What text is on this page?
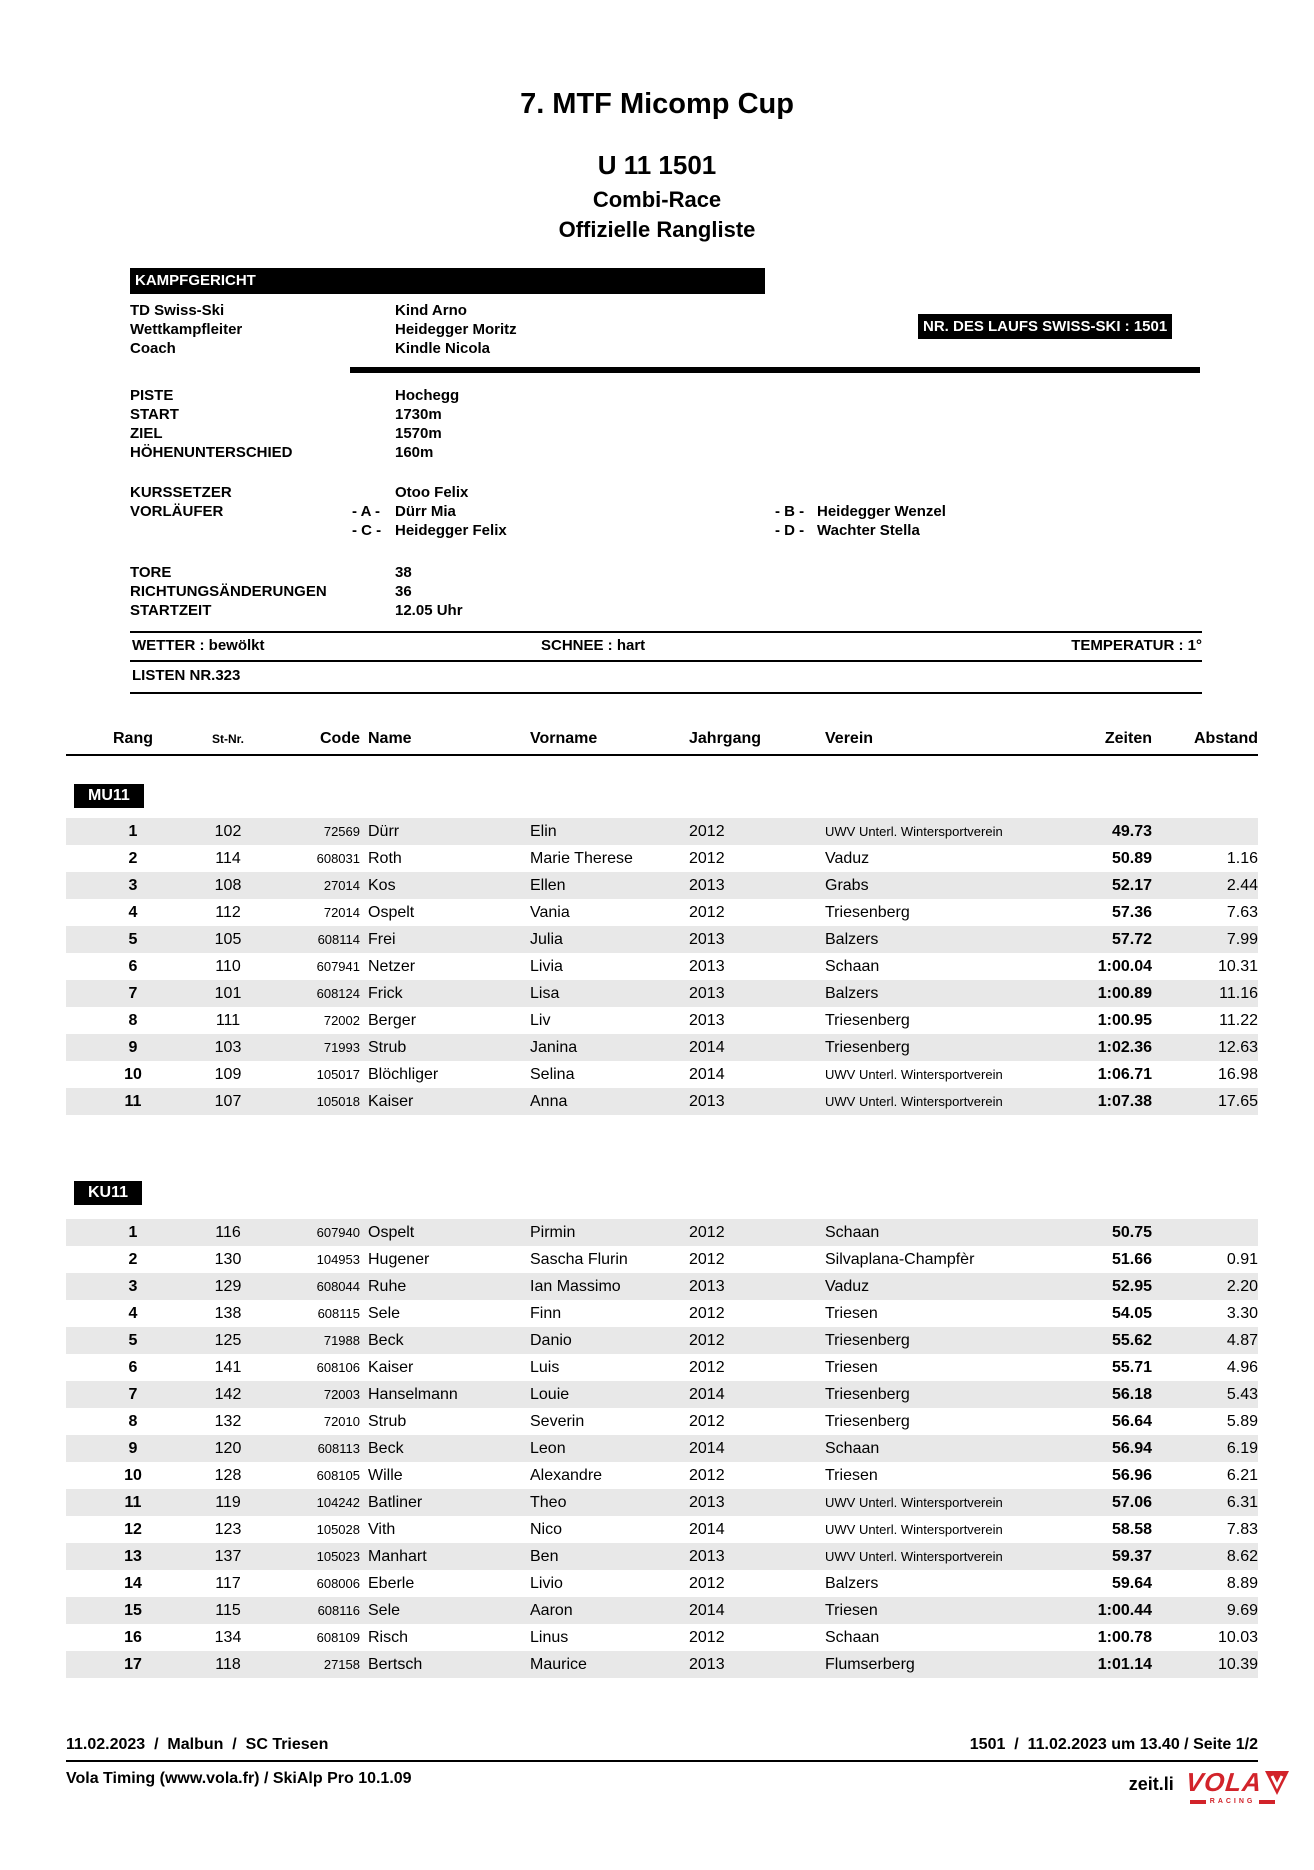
7. MTF Micomp Cup
U 11 1501
Combi-Race
Offizielle Rangliste
KAMPFGERICHT
NR. DES LAUFS SWISS-SKI : 1501
TD Swiss-Ski	Kind Arno
Wettkampfleiter	Heidegger Moritz
Coach	Kindle Nicola
PISTE	Hochegg
START	1730m
ZIEL	1570m
HÖHENUNTERSCHIED	160m
KURSSETZER	Otoo Felix
VORLÄUFER	- A - Dürr Mia	- B - Heidegger Wenzel
- C - Heidegger Felix	- D - Wachter Stella
TORE	38
RICHTUNGSÄNDERUNGEN	36
STARTZEIT	12.05 Uhr
WETTER : bewölkt	SCHNEE : hart	TEMPERATUR : 1°
LISTEN NR.323
Rang	St-Nr.	Code	Name	Vorname	Jahrgang	Verein	Zeiten	Abstand
MU11
1	102	72569	Dürr	Elin	2012	UWV Unterl. Wintersportverein	49.73	
2	114	608031	Roth	Marie Therese	2012	Vaduz	50.89	1.16
3	108	27014	Kos	Ellen	2013	Grabs	52.17	2.44
4	112	72014	Ospelt	Vania	2012	Triesenberg	57.36	7.63
5	105	608114	Frei	Julia	2013	Balzers	57.72	7.99
6	110	607941	Netzer	Livia	2013	Schaan	1:00.04	10.31
7	101	608124	Frick	Lisa	2013	Balzers	1:00.89	11.16
8	111	72002	Berger	Liv	2013	Triesenberg	1:00.95	11.22
9	103	71993	Strub	Janina	2014	Triesenberg	1:02.36	12.63
10	109	105017	Blöchliger	Selina	2014	UWV Unterl. Wintersportverein	1:06.71	16.98
11	107	105018	Kaiser	Anna	2013	UWV Unterl. Wintersportverein	1:07.38	17.65
KU11
1	116	607940	Ospelt	Pirmin	2012	Schaan	50.75	
2	130	104953	Hugener	Sascha Flurin	2012	Silvaplana-Champfèr	51.66	0.91
3	129	608044	Ruhe	Ian Massimo	2013	Vaduz	52.95	2.20
4	138	608115	Sele	Finn	2012	Triesen	54.05	3.30
5	125	71988	Beck	Danio	2012	Triesenberg	55.62	4.87
6	141	608106	Kaiser	Luis	2012	Triesen	55.71	4.96
7	142	72003	Hanselmann	Louie	2014	Triesenberg	56.18	5.43
8	132	72010	Strub	Severin	2012	Triesenberg	56.64	5.89
9	120	608113	Beck	Leon	2014	Schaan	56.94	6.19
10	128	608105	Wille	Alexandre	2012	Triesen	56.96	6.21
11	119	104242	Batliner	Theo	2013	UWV Unterl. Wintersportverein	57.06	6.31
12	123	105028	Vith	Nico	2014	UWV Unterl. Wintersportverein	58.58	7.83
13	137	105023	Manhart	Ben	2013	UWV Unterl. Wintersportverein	59.37	8.62
14	117	608006	Eberle	Livio	2012	Balzers	59.64	8.89
15	115	608116	Sele	Aaron	2014	Triesen	1:00.44	9.69
16	134	608109	Risch	Linus	2012	Schaan	1:00.78	10.03
17	118	27158	Bertsch	Maurice	2013	Flumserberg	1:01.14	10.39
11.02.2023  /  Malbun  /  SC Triesen	1501  /  11.02.2023 um 13.40 / Seite 1/2
Vola Timing (www.vola.fr) / SkiAlp Pro 10.1.09	zeit.li VOLA
RACING
